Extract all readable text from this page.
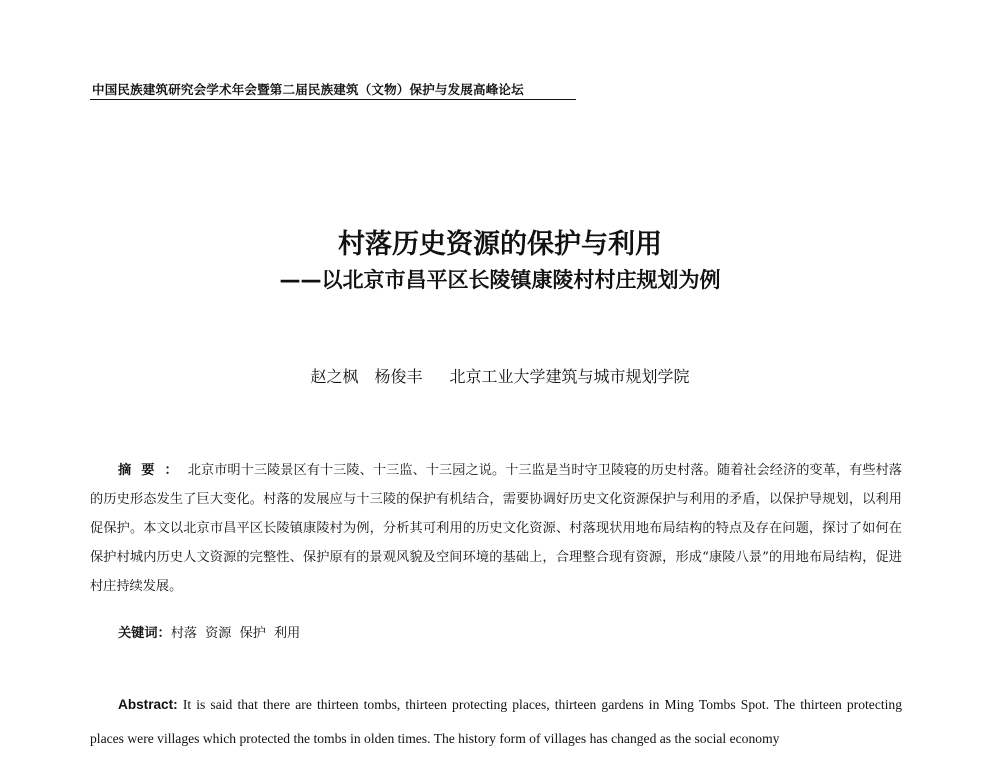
中国民族建筑研究会学术年会暨第二届民族建筑（文物）保护与发展高峰论坛
村落历史资源的保护与利用
——以北京市昌平区长陵镇康陵村村庄规划为例
赵之枫　杨俊丰 北京工业大学建筑与城市规划学院
摘要：北京市明十三陵景区有十三陵、十三监、十三园之说。十三监是当时守卫陵寝的历史村落。随着社会经济的变革，有些村落的历史形态发生了巨大变化。村落的发展应与十三陵的保护有机结合，需要协调好历史文化资源保护与利用的矛盾，以保护导规划，以利用促保护。本文以北京市昌平区长陵镇康陵村为例，分析其可利用的历史文化资源、村落现状用地布局结构的特点及存在问题，探讨了如何在保护村城内历史人文资源的完整性、保护原有的景观风貌及空间环境的基础上，合理整合现有资源，形成“康陵八景”的用地布局结构，促进村庄持续发展。
关键词：村落 资源 保护 利用
Abstract: It is said that there are thirteen tombs, thirteen protecting places, thirteen gardens in Ming Tombs Spot. The thirteen protecting places were villages which protected the tombs in olden times. The history form of villages has changed as the social economy
